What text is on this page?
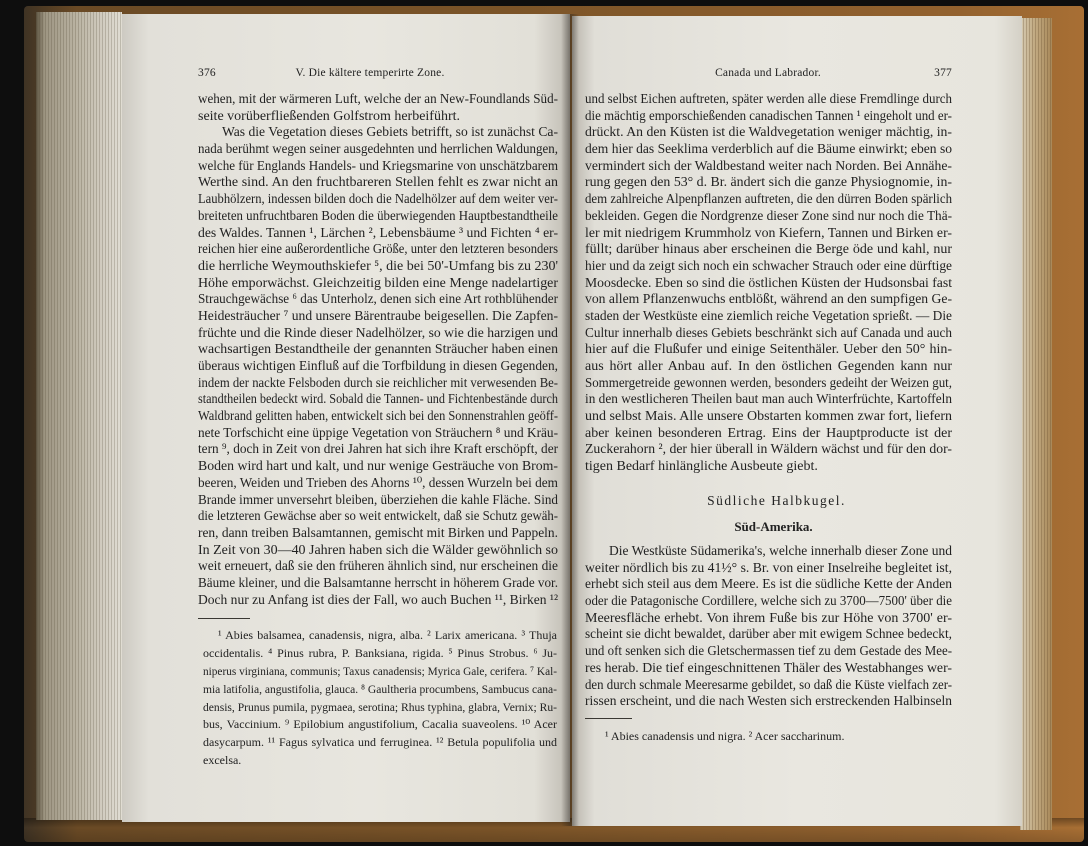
376	V. Die kältere temperirte Zone.
wehen, mit der wärmeren Luft, welche der an New-Foundlands Süd-
seite vorüberfließenden Golfstrom herbeiführt.
Was die Vegetation dieses Gebiets betrifft, so ist zunächst Ca-
nada berühmt wegen seiner ausgedehnten und herrlichen Waldungen,
welche für Englands Handels- und Kriegsmarine von unschätzbarem
Werthe sind. An den fruchtbareren Stellen fehlt es zwar nicht an
Laubhölzern, indessen bilden doch die Nadelhölzer auf dem weiter ver-
breiteten unfruchtbaren Boden die überwiegenden Hauptbestandtheile
des Waldes. Tannen ¹, Lärchen ², Lebensbäume ³ und Fichten ⁴ er-
reichen hier eine außerordentliche Größe, unter den letzteren besonders
die herrliche Weymouthskiefer ⁵, die bei 50'-Umfang bis zu 230'
Höhe emporwächst. Gleichzeitig bilden eine Menge nadelartiger
Strauchgewächse ⁶ das Unterholz, denen sich eine Art rothblühender
Heidesträucher ⁷ und unsere Bärentraube beigesellen. Die Zapfen-
früchte und die Rinde dieser Nadelhölzer, so wie die harzigen und
wachsartigen Bestandtheile der genannten Sträucher haben einen
überaus wichtigen Einfluß auf die Torfbildung in diesen Gegenden,
indem der nackte Felsboden durch sie reichlicher mit verwesenden Be-
standtheilen bedeckt wird. Sobald die Tannen- und Fichtenbestände durch
Waldbrand gelitten haben, entwickelt sich bei den Sonnenstrahlen geöff-
nete Torfschicht eine üppige Vegetation von Sträuchern ⁸ und Kräu-
tern ⁹, doch in Zeit von drei Jahren hat sich ihre Kraft erschöpft, der
Boden wird hart und kalt, und nur wenige Gesträuche von Brom-
beeren, Weiden und Trieben des Ahorns ¹⁰, dessen Wurzeln bei dem
Brande immer unversehrt bleiben, überziehen die kahle Fläche. Sind
die letzteren Gewächse aber so weit entwickelt, daß sie Schutz gewäh-
ren, dann treiben Balsamtannen, gemischt mit Birken und Pappeln.
In Zeit von 30—40 Jahren haben sich die Wälder gewöhnlich so
weit erneuert, daß sie den früheren ähnlich sind, nur erscheinen die
Bäume kleiner, und die Balsamtanne herrscht in höherem Grade vor.
Doch nur zu Anfang ist dies der Fall, wo auch Buchen ¹¹, Birken ¹²
¹ Abies balsamea, canadensis, nigra, alba. ² Larix americana. ³ Thuja
occidentalis. ⁴ Pinus rubra, P. Banksiana, rigida. ⁵ Pinus Strobus. ⁶ Ju-
niperus virginiana, communis; Taxus canadensis; Myrica Gale, cerifera. ⁷ Kal-
mia latifolia, angustifolia, glauca. ⁸ Gaultheria procumbens, Sambucus cana-
densis, Prunus pumila, pygmaea, serotina; Rhus typhina, glabra, Vernix; Ru-
bus, Vaccinium. ⁹ Epilobium angustifolium, Cacalia suaveolens. ¹⁰ Acer
dasycarpum. ¹¹ Fagus sylvatica und ferruginea. ¹² Betula populifolia und
excelsa.
Canada und Labrador.	377
und selbst Eichen auftreten, später werden alle diese Fremdlinge durch
die mächtig emporschießenden canadischen Tannen ¹ eingeholt und er-
drückt. An den Küsten ist die Waldvegetation weniger mächtig, in-
dem hier das Seeklima verderblich auf die Bäume einwirkt; eben so
vermindert sich der Waldbestand weiter nach Norden. Bei Annähe-
rung gegen den 53° d. Br. ändert sich die ganze Physiognomie, in-
dem zahlreiche Alpenpflanzen auftreten, die den dürren Boden spärlich
bekleiden. Gegen die Nordgrenze dieser Zone sind nur noch die Thä-
ler mit niedrigem Krummholz von Kiefern, Tannen und Birken er-
füllt; darüber hinaus aber erscheinen die Berge öde und kahl, nur
hier und da zeigt sich noch ein schwacher Strauch oder eine dürftige
Moosdecke. Eben so sind die östlichen Küsten der Hudsonsbai fast
von allem Pflanzenwuchs entblößt, während an den sumpfigen Ge-
staden der Westküste eine ziemlich reiche Vegetation sprießt. — Die
Cultur innerhalb dieses Gebiets beschränkt sich auf Canada und auch
hier auf die Flußufer und einige Seitenthäler. Ueber den 50° hin-
aus hört aller Anbau auf. In den östlichen Gegenden kann nur
Sommergetreide gewonnen werden, besonders gedeiht der Weizen gut,
in den westlicheren Theilen baut man auch Winterfrüchte, Kartoffeln
und selbst Mais. Alle unsere Obstarten kommen zwar fort, liefern
aber keinen besonderen Ertrag. Eins der Hauptproducte ist der
Zuckerahorn ², der hier überall in Wäldern wächst und für den dor-
tigen Bedarf hinlängliche Ausbeute giebt.
Südliche Halbkugel.
Süd-Amerika.
Die Westküste Südamerika's, welche innerhalb dieser Zone und
weiter nördlich bis zu 41½° s. Br. von einer Inselreihe begleitet ist,
erhebt sich steil aus dem Meere. Es ist die südliche Kette der Anden
oder die Patagonische Cordillere, welche sich zu 3700—7500' über die
Meeresfläche erhebt. Von ihrem Fuße bis zur Höhe von 3700' er-
scheint sie dicht bewaldet, darüber aber mit ewigem Schnee bedeckt,
und oft senken sich die Gletschermassen tief zu dem Gestade des Mee-
res herab. Die tief eingeschnittenen Thäler des Westabhanges wer-
den durch schmale Meeresarme gebildet, so daß die Küste vielfach zer-
rissen erscheint, und die nach Westen sich erstreckenden Halbinseln
¹ Abies canadensis und nigra. ² Acer saccharinum.
